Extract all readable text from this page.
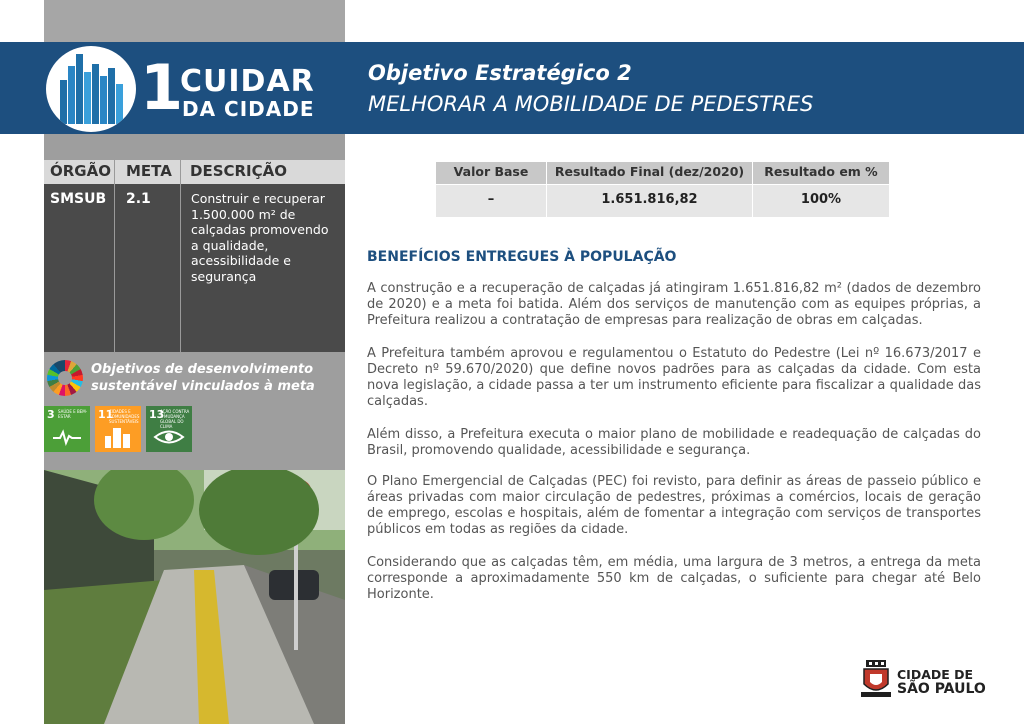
1
CUIDAR
DA CIDADE
Objetivo Estratégico 2
MELHORAR A MOBILIDADE DE PEDESTRES
ÓRGÃO META DESCRIÇÃO
SMSUB 2.1	Construir e recuperar 1.500.000 m² de calçadas promovendo a qualidade, acessibilidade e segurança
Objetivos de desenvolvimento sustentável vinculados à meta
3 SAÚDE E BEM-ESTAR	11
CIDADES E COMUNIDADES SUSTENTÁVEIS
13
AÇÃO CONTRA A MUDANÇA GLOBAL DO CLIMA
Valor Base	Resultado Final (dez/2020)	Resultado em %
–	1.651.816,82	100%
BENEFÍCIOS ENTREGUES À POPULAÇÃO
A construção e a recuperação de calçadas já atingiram 1.651.816,82 m² (dados de dezembro de 2020) e a meta foi batida. Além dos serviços de manutenção com as equipes próprias, a Prefeitura realizou a contratação de empresas para realização de obras em calçadas.
A Prefeitura também aprovou e regulamentou o Estatuto do Pedestre (Lei nº 16.673/2017 e Decreto nº 59.670/2020) que define novos padrões para as calçadas da cidade. Com esta nova legislação, a cidade passa a ter um instrumento eficiente para fiscalizar a qualidade das calçadas.
Além disso, a Prefeitura executa o maior plano de mobilidade e readequação de calçadas do Brasil, promovendo qualidade, acessibilidade e segurança.
O Plano Emergencial de Calçadas (PEC) foi revisto, para definir as áreas de passeio público e áreas privadas com maior circulação de pedestres, próximas a comércios, locais de geração de emprego, escolas e hospitais, além de fomentar a integração com serviços de transportes públicos em todas as regiões da cidade.
Considerando que as calçadas têm, em média, uma largura de 3 metros, a entrega da meta corresponde a aproximadamente 550 km de calçadas, o suficiente para chegar até Belo Horizonte.
CIDADE DE
SÃO PAULO
